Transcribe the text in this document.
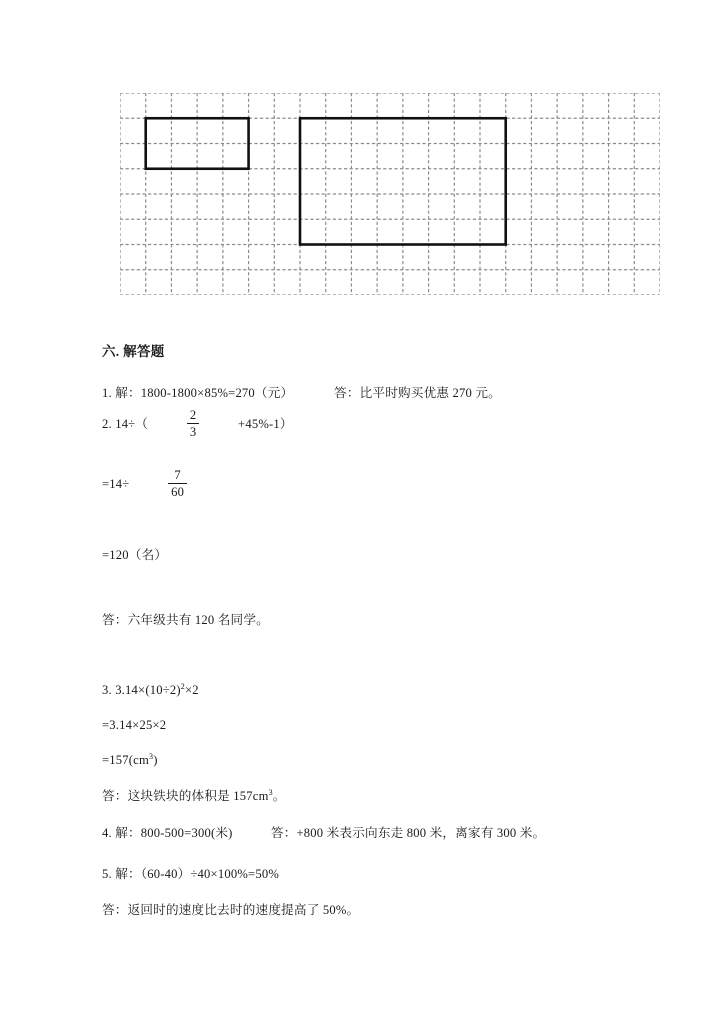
六. 解答题
1. 解：1800-1800×85%=270（元）	答：比平时购买优惠 270 元。
2. 14÷（	$\frac{2}{3}$	+45%-1）
=14÷	$\frac{7}{60}$
=120（名）
答：六年级共有 120 名同学。
3. $3.14\times(10\div 2)^2\times 2$
=3.14×25×2
$=157(cm^3)$
答：这块铁块的体积是 $157cm^3$。
4. 解：800-500=300(米)　　　答：+800 米表示向东走 800 米，离家有 300 米。
5. 解：（60-40）÷40×100%=50%
答：返回时的速度比去时的速度提高了 50%。
